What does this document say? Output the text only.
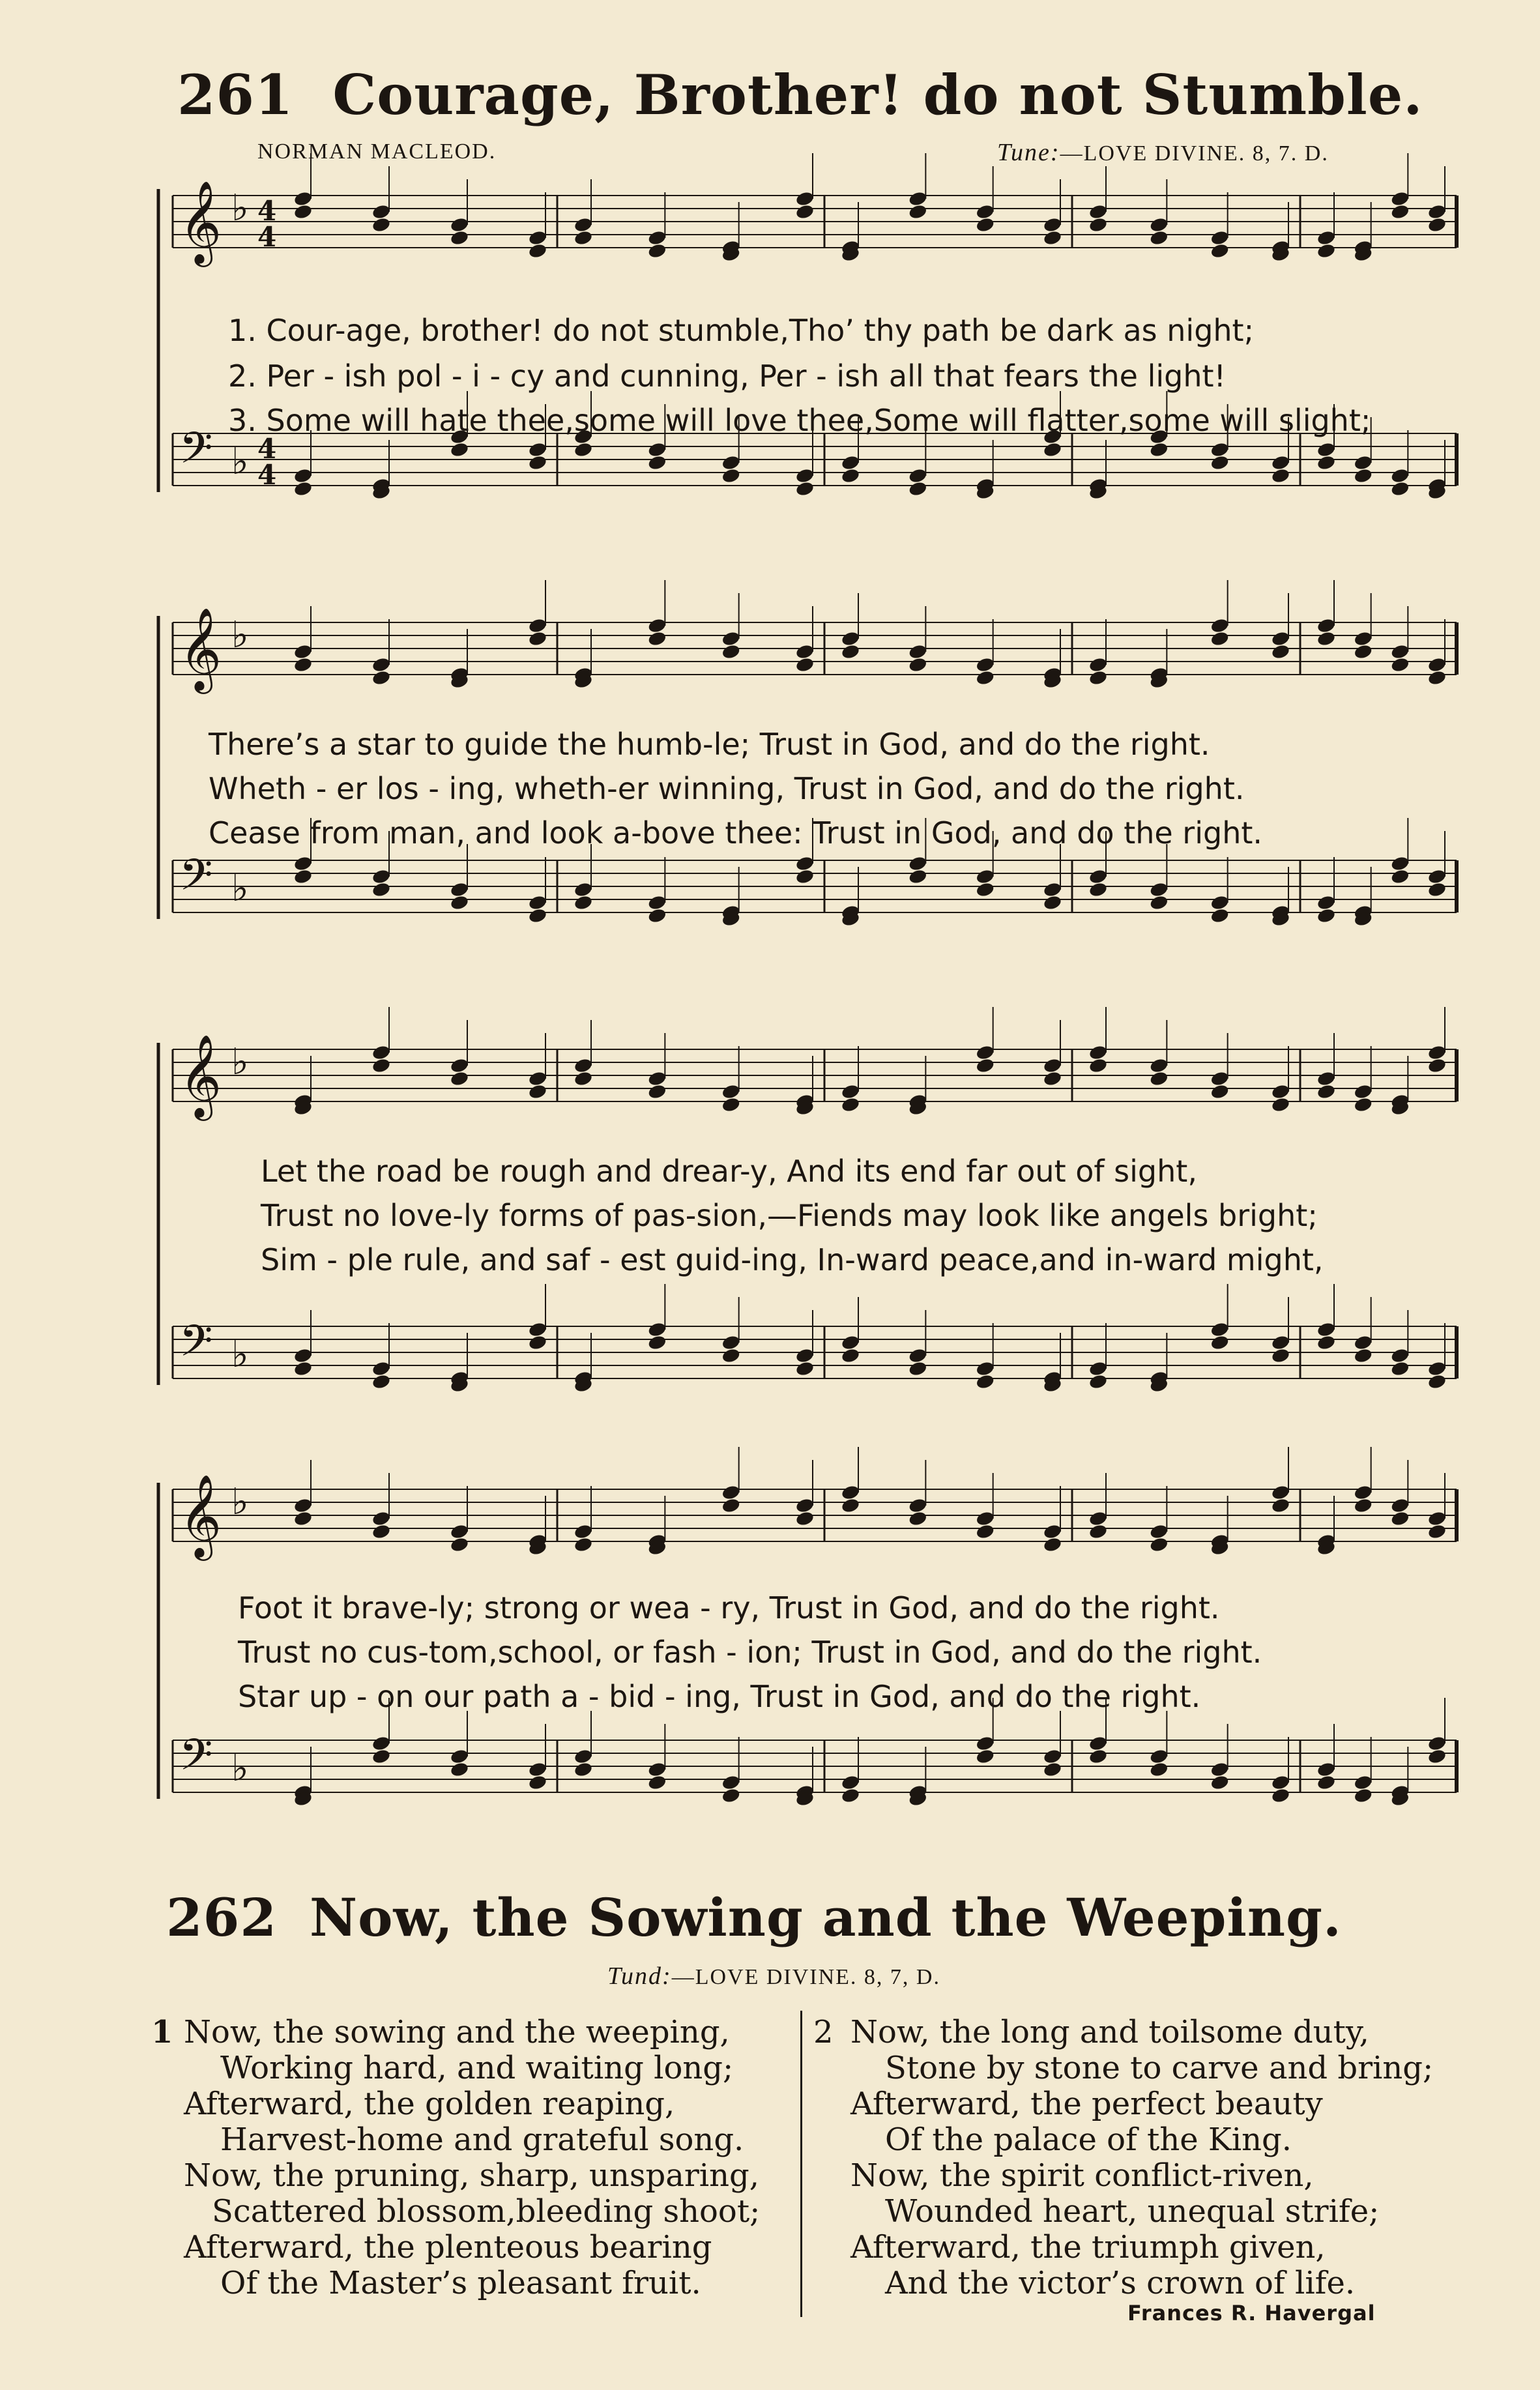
261 Courage, Brother! do not Stumble.
NORMAN MACLEOD.	Tune:—LOVE DIVINE. 8, 7. D.
𝄞 ♭ 4
4
𝄢 ♭ 4
4
1. Cour-age, brother! do not stumble,Tho’ thy path be dark as night;
2. Per - ish pol - i - cy and cunning, Per - ish all that fears the light!
3. Some will hate thee,some will love thee,Some will flatter,some will slight;
𝄞 ♭
𝄢 ♭
There’s a star to guide the humb-le; Trust in God, and do the right.
Wheth - er los - ing, wheth-er winning, Trust in God, and do the right.
Cease from man, and look a-bove thee: Trust in God, and do the right.
𝄞 ♭
𝄢 ♭
Let the road be rough and drear-y, And its end far out of sight,
Trust no love-ly forms of pas-sion,—Fiends may look like angels bright;
Sim - ple rule, and saf - est guid-ing, In-ward peace,and in-ward might,
𝄞 ♭
𝄢 ♭
Foot it brave-ly; strong or wea - ry, Trust in God, and do the right.
Trust no cus-tom,school, or fash - ion; Trust in God, and do the right.
Star up - on our path a - bid - ing, Trust in God, and do the right.
262 Now, the Sowing and the Weeping.
Tund:—LOVE DIVINE. 8, 7, D.
1 Now, the sowing and the weeping,
Working hard, and waiting long;
Afterward, the golden reaping,
Harvest-home and grateful song.
Now, the pruning, sharp, unsparing,
Scattered blossom,bleeding shoot;
Afterward, the plenteous bearing
Of the Master’s pleasant fruit.
2 Now, the long and toilsome duty,
Stone by stone to carve and bring;
Afterward, the perfect beauty
Of the palace of the King.
Now, the spirit conflict-riven,
Wounded heart, unequal strife;
Afterward, the triumph given,
And the victor’s crown of life.
Frances R. Havergal
